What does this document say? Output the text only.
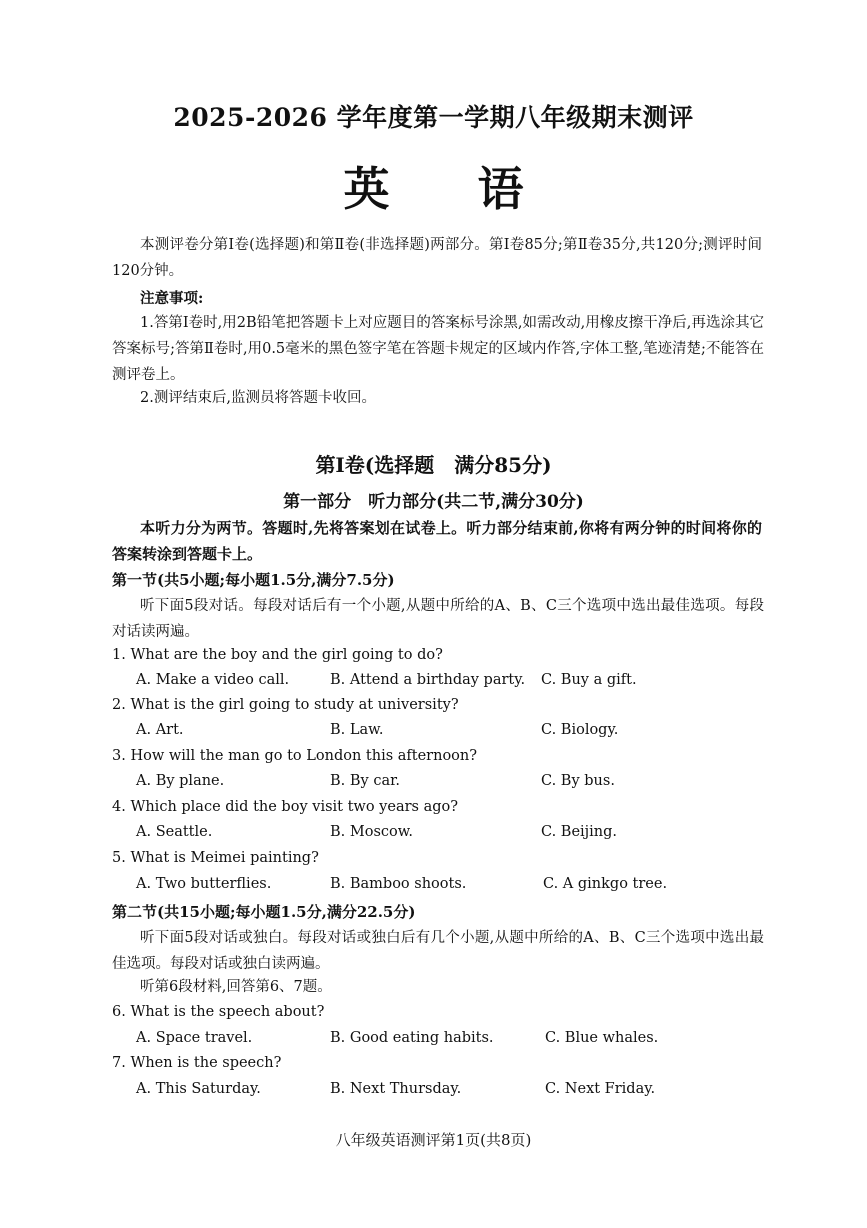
2025-2026 学年度第一学期八年级期末测评
英 语
本测评卷分第Ⅰ卷(选择题)和第Ⅱ卷(非选择题)两部分。第Ⅰ卷85分;第Ⅱ卷35分,共120分;测评时间120分钟。
注意事项:
1.答第Ⅰ卷时,用2B铅笔把答题卡上对应题目的答案标号涂黑,如需改动,用橡皮擦干净后,再选涂其它答案标号;答第Ⅱ卷时,用0.5毫米的黑色签字笔在答题卡规定的区域内作答,字体工整,笔迹清楚;不能答在测评卷上。
2.测评结束后,监测员将答题卡收回。
第Ⅰ卷(选择题　满分85分)
第一部分　听力部分(共二节,满分30分)
本听力分为两节。答题时,先将答案划在试卷上。听力部分结束前,你将有两分钟的时间将你的答案转涂到答题卡上。
第一节(共5小题;每小题1.5分,满分7.5分)
听下面5段对话。每段对话后有一个小题,从题中所给的A、B、C三个选项中选出最佳选项。每段对话读两遍。
1. What are the boy and the girl going to do?
A. Make a video call.	B. Attend a birthday party. C. Buy a gift.
2. What is the girl going to study at university?
A. Art.	B. Law.	C. Biology.
3. How will the man go to London this afternoon?
A. By plane.	B. By car.	C. By bus.
4. Which place did the boy visit two years ago?
A. Seattle.	B. Moscow.	C. Beijing.
5. What is Meimei painting?
A. Two butterflies.	B. Bamboo shoots.	C. A ginkgo tree.
第二节(共15小题;每小题1.5分,满分22.5分)
听下面5段对话或独白。每段对话或独白后有几个小题,从题中所给的A、B、C三个选项中选出最佳选项。每段对话或独白读两遍。
听第6段材料,回答第6、7题。
6. What is the speech about?
A. Space travel.	B. Good eating habits.	C. Blue whales.
7. When is the speech?
A. This Saturday.	B. Next Thursday.	C. Next Friday.
八年级英语测评第1页(共8页)
